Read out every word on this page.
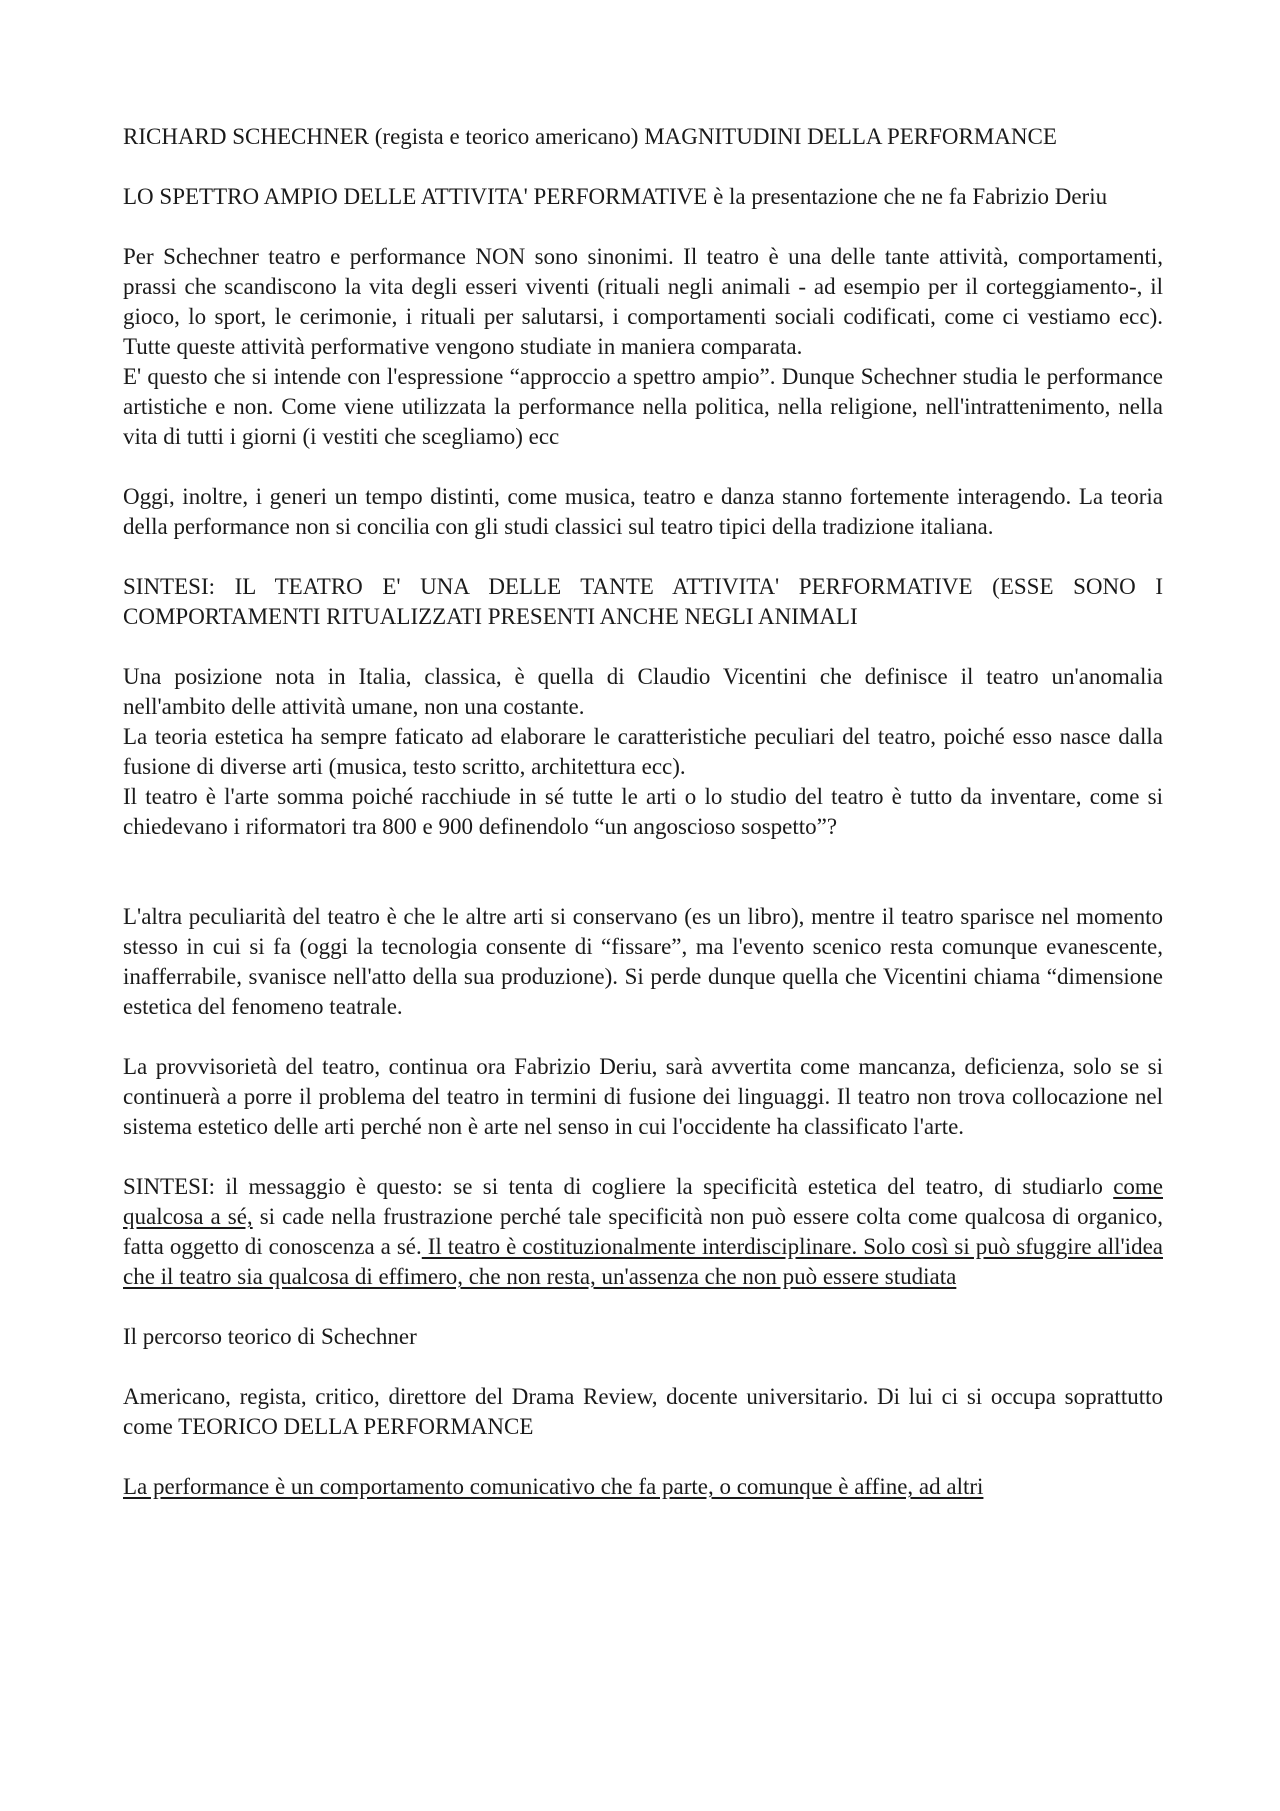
RICHARD SCHECHNER (regista e teorico americano) MAGNITUDINI DELLA PERFORMANCE

LO SPETTRO AMPIO DELLE ATTIVITA' PERFORMATIVE è la presentazione che ne fa Fabrizio Deriu

Per Schechner teatro e performance NON sono sinonimi. Il teatro è una delle tante attività, comportamenti, prassi che scandiscono la vita degli esseri viventi (rituali negli animali - ad esempio per il corteggiamento-, il gioco, lo sport, le cerimonie, i rituali per salutarsi, i comportamenti sociali codificati, come ci vestiamo ecc). Tutte queste attività performative vengono studiate in maniera comparata.

E' questo che si intende con l'espressione “approccio a spettro ampio”. Dunque Schechner studia le performance artistiche e non. Come viene utilizzata la performance nella politica, nella religione, nell'intrattenimento, nella vita di tutti i giorni (i vestiti che scegliamo) ecc

Oggi, inoltre, i generi un tempo distinti, come musica, teatro e danza stanno fortemente interagendo. La teoria della performance non si concilia con gli studi classici sul teatro tipici della tradizione italiana.

SINTESI: IL TEATRO E' UNA DELLE TANTE ATTIVITA' PERFORMATIVE (ESSE SONO I COMPORTAMENTI RITUALIZZATI PRESENTI ANCHE NEGLI ANIMALI

Una posizione nota in Italia, classica, è quella di Claudio Vicentini che definisce il teatro un'anomalia nell'ambito delle attività umane, non una costante.

La teoria estetica ha sempre faticato ad elaborare le caratteristiche peculiari del teatro, poiché esso nasce dalla fusione di diverse arti (musica, testo scritto, architettura ecc).

Il teatro è l'arte somma poiché racchiude in sé tutte le arti o lo studio del teatro è tutto da inventare, come si chiedevano i riformatori tra 800 e 900 definendolo “un angoscioso sospetto”?

L'altra peculiarità del teatro è che le altre arti si conservano (es un libro), mentre il teatro sparisce nel momento stesso in cui si fa (oggi la tecnologia consente di “fissare”, ma l'evento scenico resta comunque evanescente, inafferrabile, svanisce nell'atto della sua produzione). Si perde dunque quella che Vicentini chiama “dimensione estetica del fenomeno teatrale.

La provvisorietà del teatro, continua ora Fabrizio Deriu, sarà avvertita come mancanza, deficienza, solo se si continuerà a porre il problema del teatro in termini di fusione dei linguaggi. Il teatro non trova collocazione nel sistema estetico delle arti perché non è arte nel senso in cui l'occidente ha classificato l'arte.

SINTESI: il messaggio è questo: se si tenta di cogliere la specificità estetica del teatro, di studiarlo come qualcosa a sé, si cade nella frustrazione perché tale specificità non può essere colta come qualcosa di organico, fatta oggetto di conoscenza a sé. Il teatro è costituzionalmente interdisciplinare. Solo così si può sfuggire all'idea che il teatro sia qualcosa di effimero, che non resta, un'assenza che non può essere studiata

Il percorso teorico di Schechner

Americano, regista, critico, direttore del Drama Review, docente universitario. Di lui ci si occupa soprattutto come TEORICO DELLA PERFORMANCE

La performance è un comportamento comunicativo che fa parte, o comunque è affine, ad altri
